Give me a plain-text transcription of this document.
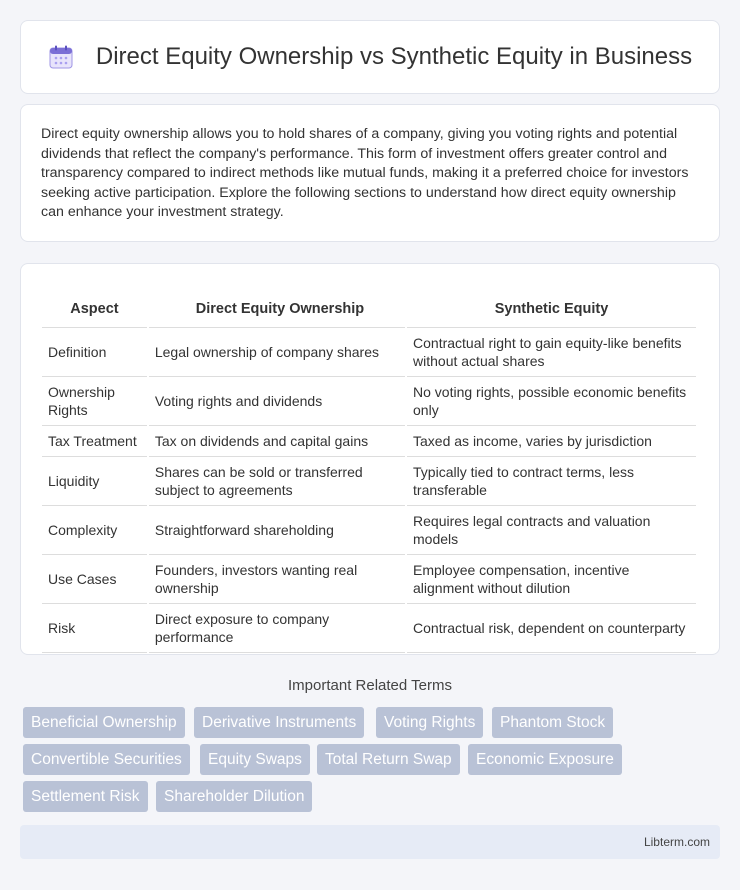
Direct Equity Ownership vs Synthetic Equity in Business

Direct equity ownership allows you to hold shares of a company, giving you voting rights and potential dividends that reflect the company's performance. This form of investment offers greater control and transparency compared to indirect methods like mutual funds, making it a preferred choice for investors seeking active participation. Explore the following sections to understand how direct equity ownership can enhance your investment strategy.

Aspect	Direct Equity Ownership	Synthetic Equity
Definition	Legal ownership of company shares	Contractual right to gain equity-like benefits without actual shares
Ownership Rights	Voting rights and dividends	No voting rights, possible economic benefits only
Tax Treatment	Tax on dividends and capital gains	Taxed as income, varies by jurisdiction
Liquidity	Shares can be sold or transferred subject to agreements	Typically tied to contract terms, less transferable
Complexity	Straightforward shareholding	Requires legal contracts and valuation models
Use Cases	Founders, investors wanting real ownership	Employee compensation, incentive alignment without dilution
Risk	Direct exposure to company performance	Contractual risk, dependent on counterparty
Important Related Terms
Beneficial Ownership	Derivative Instruments	Voting Rights	Phantom Stock
Convertible Securities	Equity Swaps	Total Return Swap	Economic Exposure
Settlement Risk	Shareholder Dilution
Libterm.com
